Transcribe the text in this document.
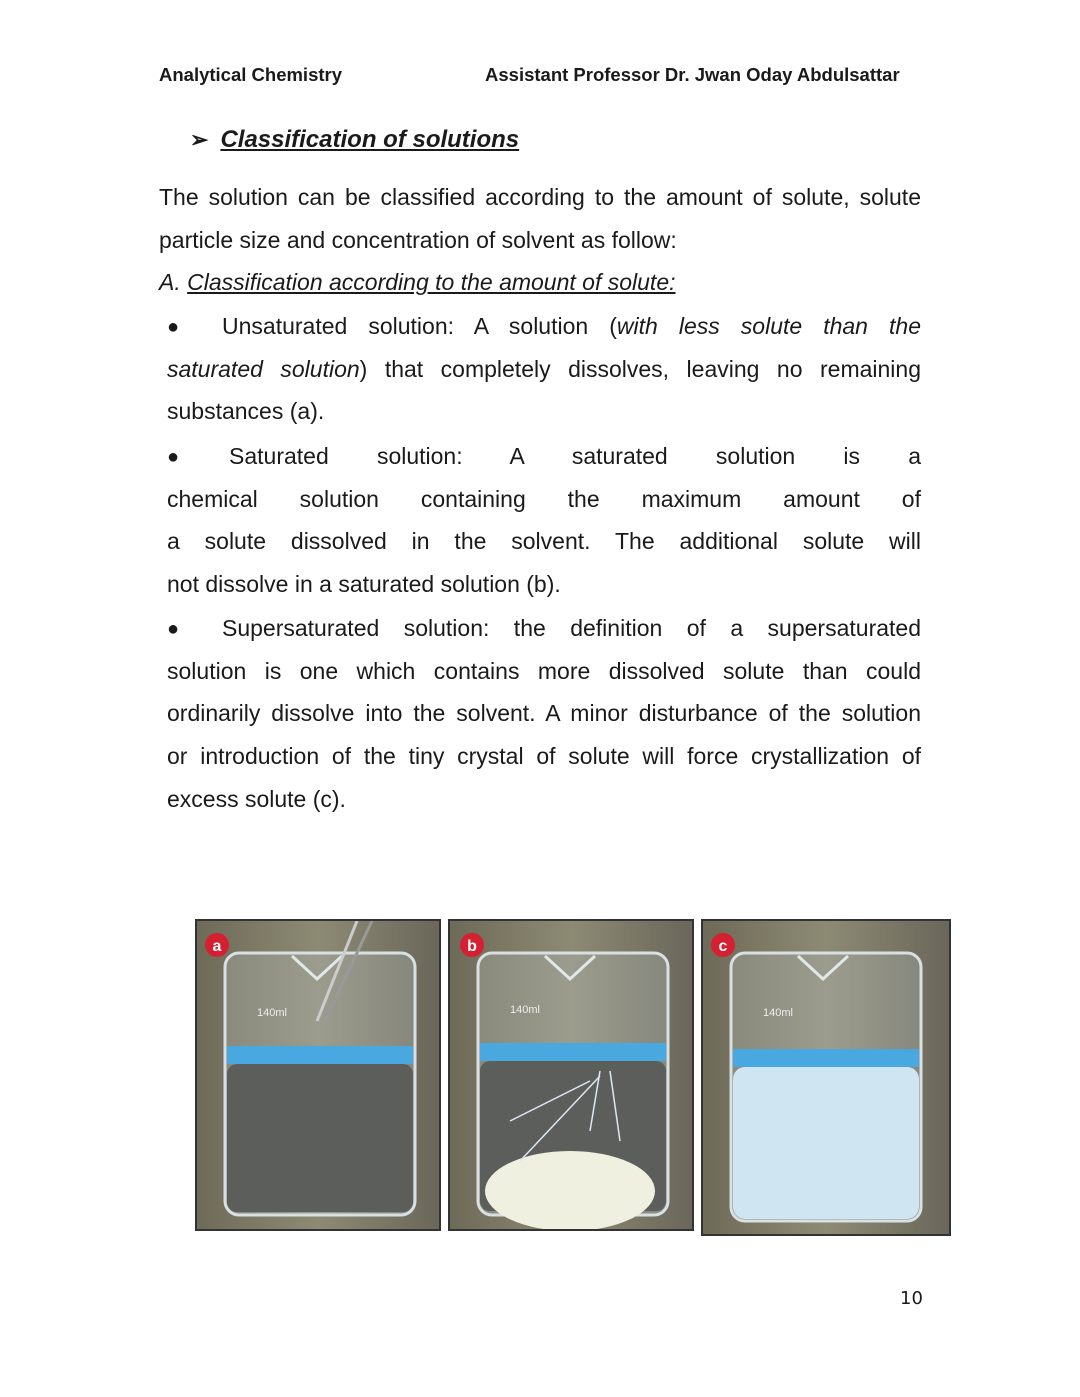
Analytical Chemistry	Assistant Professor Dr. Jwan Oday Abdulsattar
➢ Classification of solutions
The solution can be classified according to the amount of solute, solute
particle size and concentration of solvent as follow:
A. Classification according to the amount of solute:
● Unsaturated solution: A solution (with less solute than the
saturated solution) that completely dissolves, leaving no remaining
substances (a).
● Saturated solution: A saturated solution is a
chemical solution containing the maximum amount of
a solute dissolved in the solvent. The additional solute will
not dissolve in a saturated solution (b).
● Supersaturated solution: the definition of a supersaturated
solution is one which contains more dissolved solute than could
ordinarily dissolve into the solvent. A minor disturbance of the solution
or introduction of the tiny crystal of solute will force crystallization of
excess solute (c).
a
140ml
b
140ml
c
140ml
10
